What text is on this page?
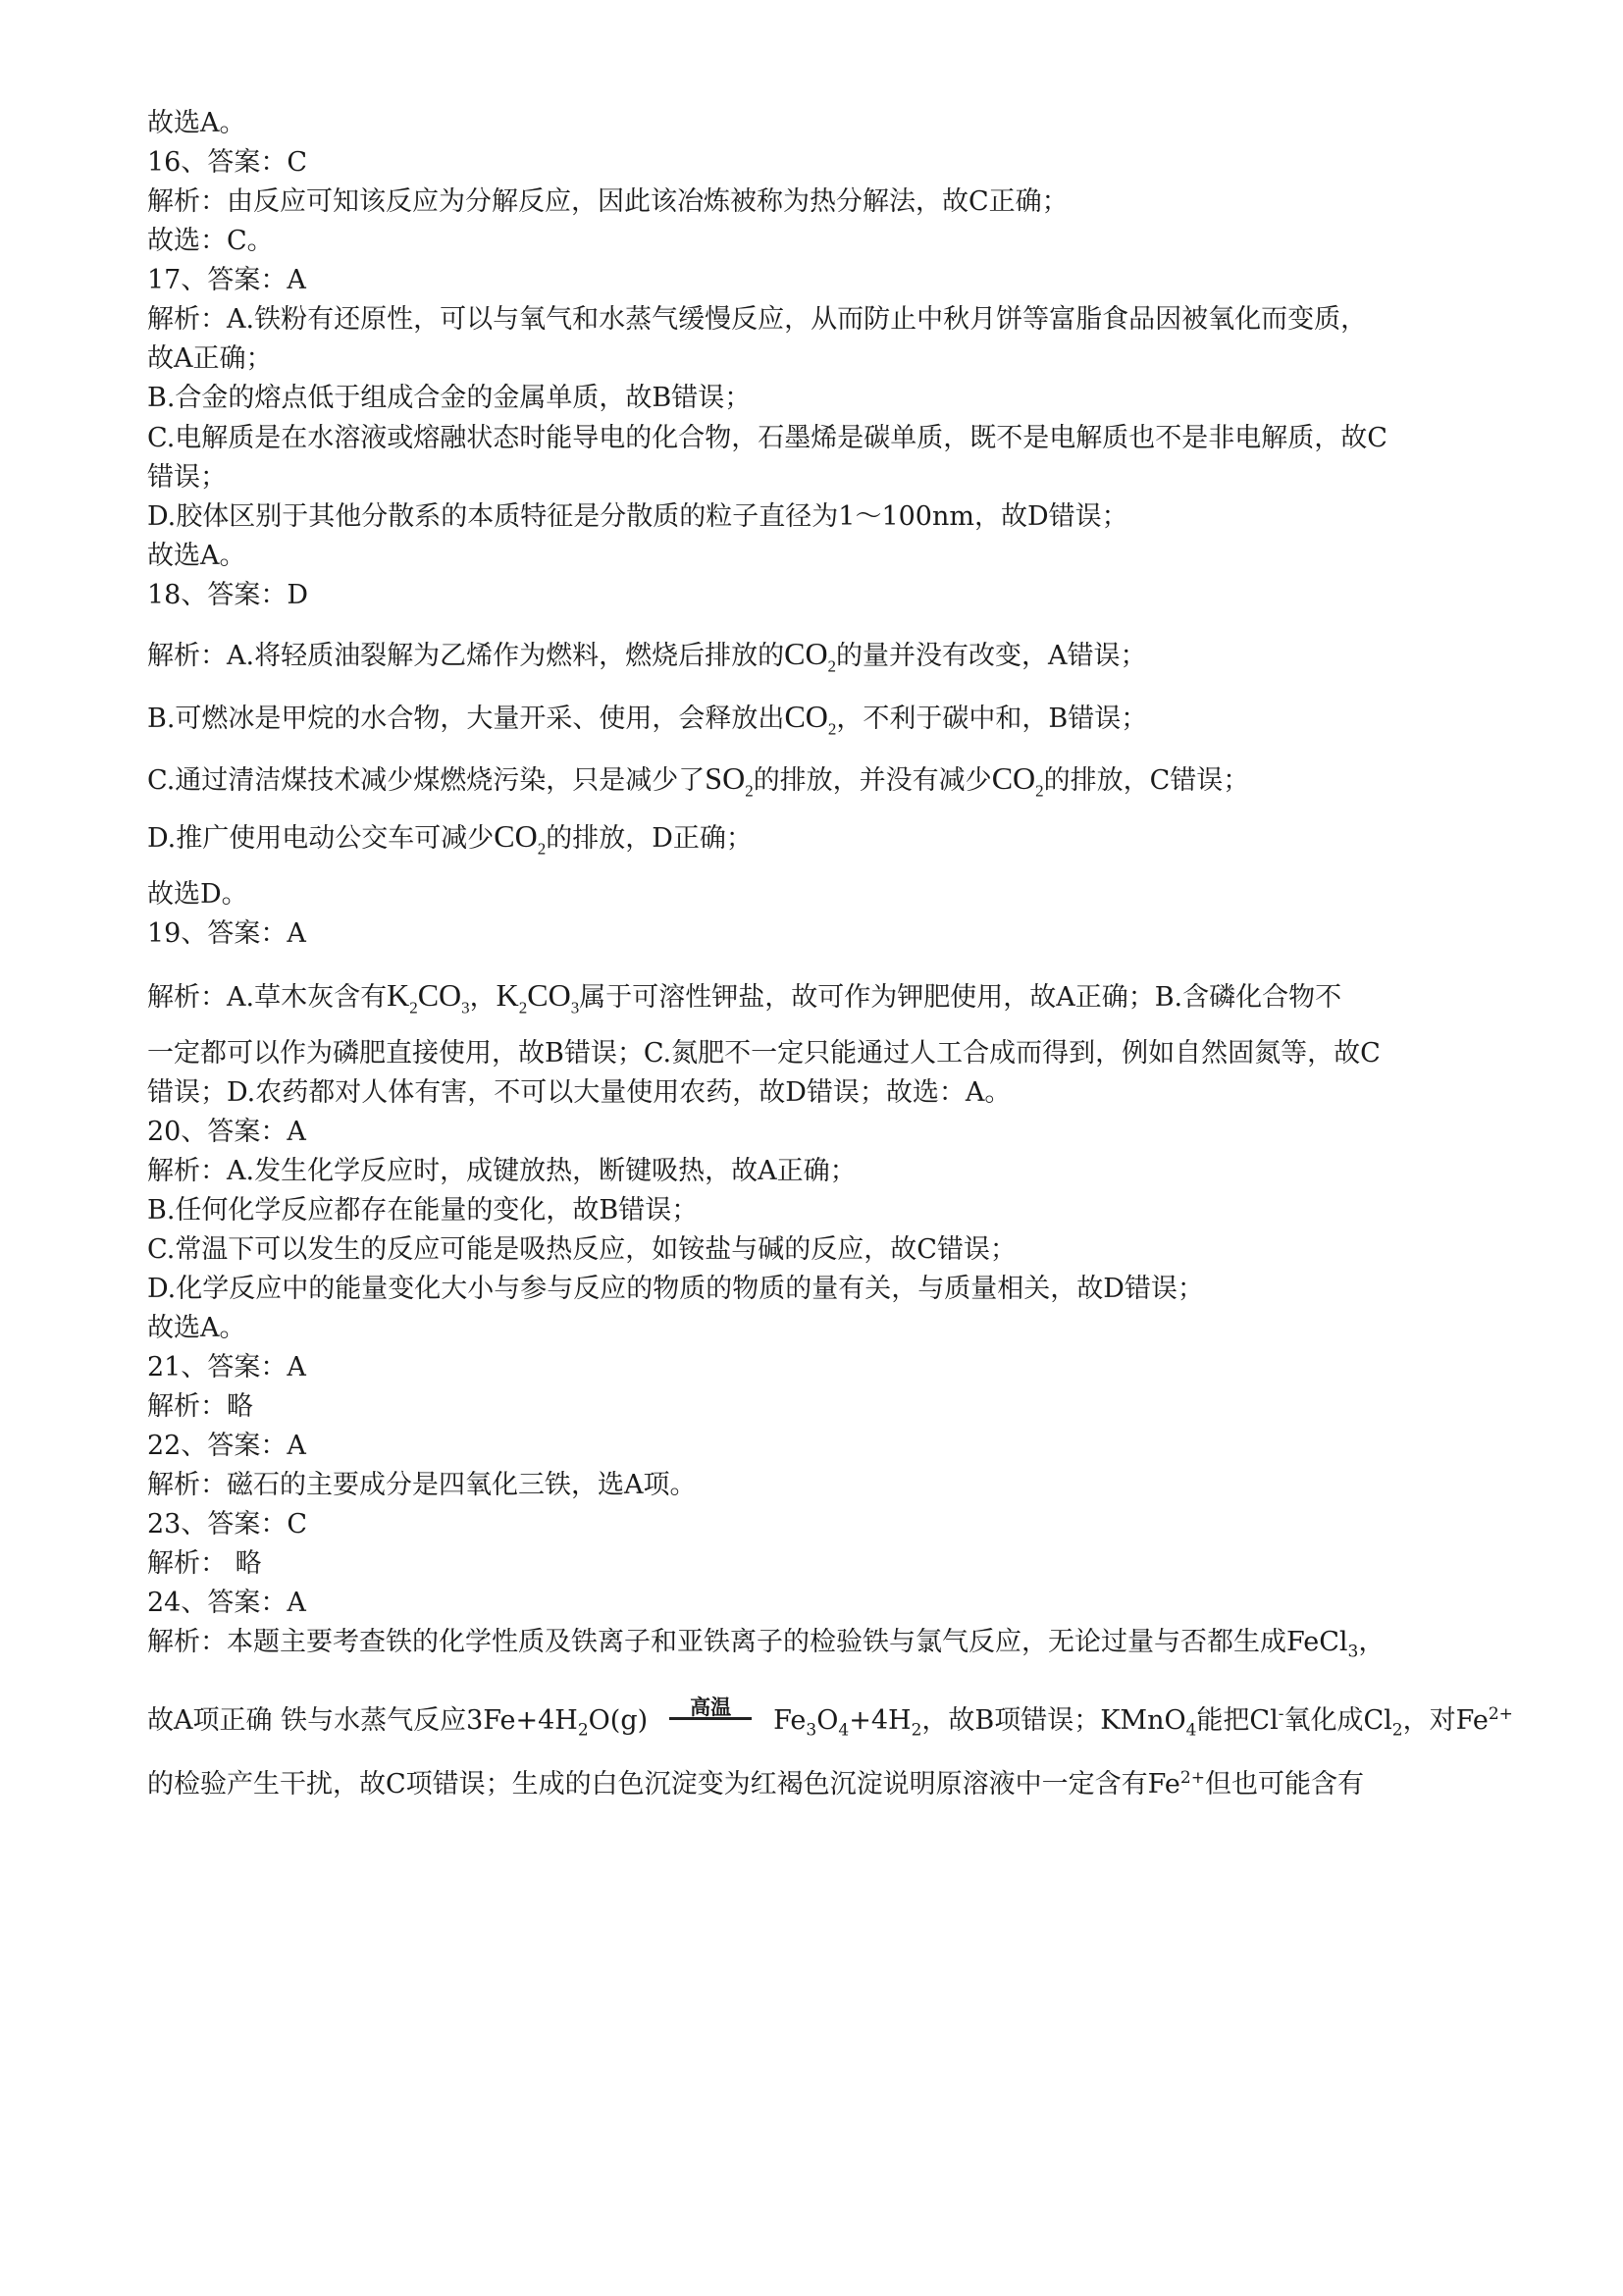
故选A。
16、答案：C
解析：由反应可知该反应为分解反应，因此该冶炼被称为热分解法，故C正确；
故选：C。
17、答案：A
解析：A.铁粉有还原性，可以与氧气和水蒸气缓慢反应，从而防止中秋月饼等富脂食品因被氧化而变质，
故A正确；
B.合金的熔点低于组成合金的金属单质，故B错误；
C.电解质是在水溶液或熔融状态时能导电的化合物，石墨烯是碳单质，既不是电解质也不是非电解质，故C
错误；
D.胶体区别于其他分散系的本质特征是分散质的粒子直径为1～100nm，故D错误；
故选A。
18、答案：D
解析：A.将轻质油裂解为乙烯作为燃料，燃烧后排放的$CO_2$的量并没有改变，A错误；
B.可燃冰是甲烷的水合物，大量开采、使用，会释放出$CO_2$，不利于碳中和，B错误；
C.通过清洁煤技术减少煤燃烧污染，只是减少了$SO_2$的排放，并没有减少$CO_2$的排放，C错误；
D.推广使用电动公交车可减少$CO_2$的排放，D正确；
故选D。
19、答案：A
解析：A.草木灰含有$K_2CO_3$，$K_2CO_3$属于可溶性钾盐，故可作为钾肥使用，故A正确；B.含磷化合物不
一定都可以作为磷肥直接使用，故B错误；C.氮肥不一定只能通过人工合成而得到，例如自然固氮等，故C
错误；D.农药都对人体有害，不可以大量使用农药，故D错误；故选：A。
20、答案：A
解析：A.发生化学反应时，成键放热，断键吸热，故A正确；
B.任何化学反应都存在能量的变化，故B错误；
C.常温下可以发生的反应可能是吸热反应，如铵盐与碱的反应，故C错误；
D.化学反应中的能量变化大小与参与反应的物质的物质的量有关，与质量相关，故D错误；
故选A。
21、答案：A
解析：略
22、答案：A
解析：磁石的主要成分是四氧化三铁，选A项。
23、答案：C
解析： 略
24、答案：A
解析：本题主要考查铁的化学性质及铁离子和亚铁离子的检验铁与氯气反应，无论过量与否都生成FeCl$_3$，
故A项正确 铁与水蒸气反应$3Fe+4H_2O(g)$	高温	$Fe_3O_4+4H_2$，故B项错误；KMnO$_4$能把Cl-氧化成$Cl_2$，对$Fe^{2+}$
的检验产生干扰，故C项错误；生成的白色沉淀变为红褐色沉淀说明原溶液中一定含有$Fe^{2+}$但也可能含有
